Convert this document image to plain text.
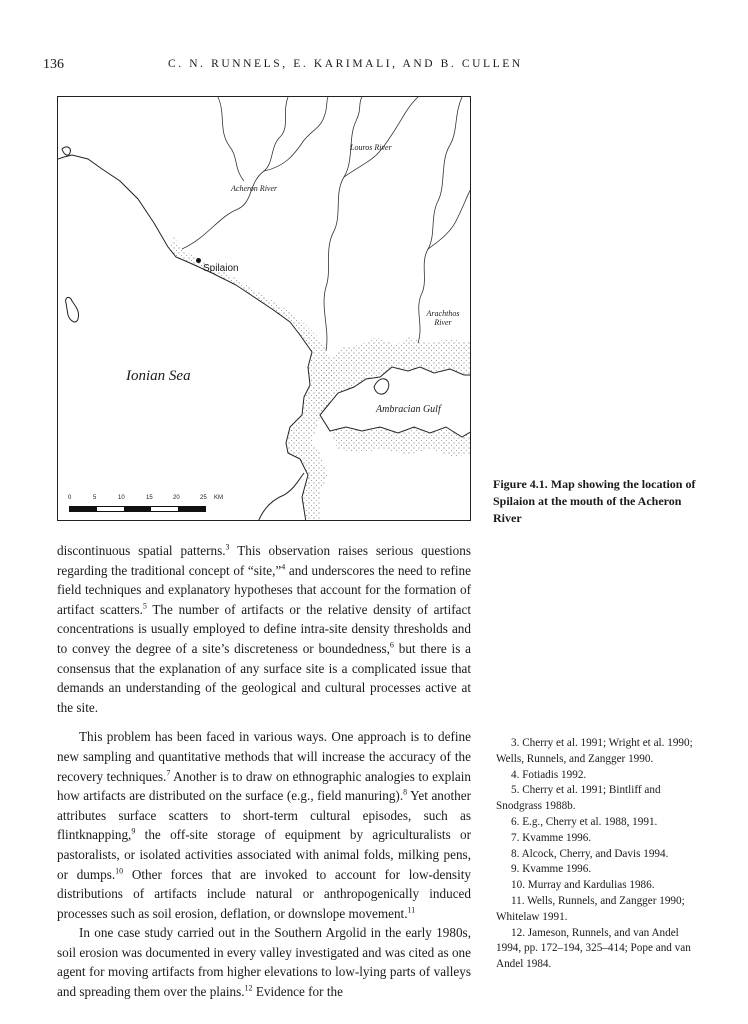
136	C. N. RUNNELS, E. KARIMALI, AND B. CULLEN
Louros River
Acheron River
Spilaion
Arachthos
River
Ionian Sea
Ambracian Gulf
0	5	10	15	20	25 KM
Figure 4.1. Map showing the location of Spilaion at the mouth of the Acheron River

discontinuous spatial patterns.$^3$ This observation raises serious questions regarding the traditional concept of “site,”$^4$ and underscores the need to refine field techniques and explanatory hypotheses that account for the formation of artifact scatters.$^5$ The number of artifacts or the relative density of artifact concentrations is usually employed to define intra-site density thresholds and to convey the degree of a site’s discreteness or boundedness,$^6$ but there is a consensus that the explanation of any surface site is a complicated issue that demands an understanding of the geological and cultural processes active at the site.

This problem has been faced in various ways. One approach is to define new sampling and quantitative methods that will increase the accuracy of the recovery techniques.$^7$ Another is to draw on ethnographic analogies to explain how artifacts are distributed on the surface (e.g., field manuring).$^8$ Yet another attributes surface scatters to short-term cultural episodes, such as flintknapping,$^9$ the off-site storage of equipment by agriculturalists or pastoralists, or isolated activities associated with animal folds, milking pens, or dumps.$^{10}$ Other forces that are invoked to account for low-density distributions of artifacts include natural or anthropogenically induced processes such as soil erosion, deflation, or downslope movement.$^{11}$

In one case study carried out in the Southern Argolid in the early 1980s, soil erosion was documented in every valley investigated and was cited as one agent for moving artifacts from higher elevations to low-lying parts of valleys and spreading them over the plains.$^{12}$ Evidence for the

3. Cherry et al. 1991; Wright et al. 1990; Wells, Runnels, and Zangger 1990.
4. Fotiadis 1992.
5. Cherry et al. 1991; Bintliff and Snodgrass 1988b.
6. E.g., Cherry et al. 1988, 1991.
7. Kvamme 1996.
8. Alcock, Cherry, and Davis 1994.
9. Kvamme 1996.
10. Murray and Kardulias 1986.
11. Wells, Runnels, and Zangger 1990; Whitelaw 1991.
12. Jameson, Runnels, and van Andel 1994, pp. 172–194, 325–414; Pope and van Andel 1984.
